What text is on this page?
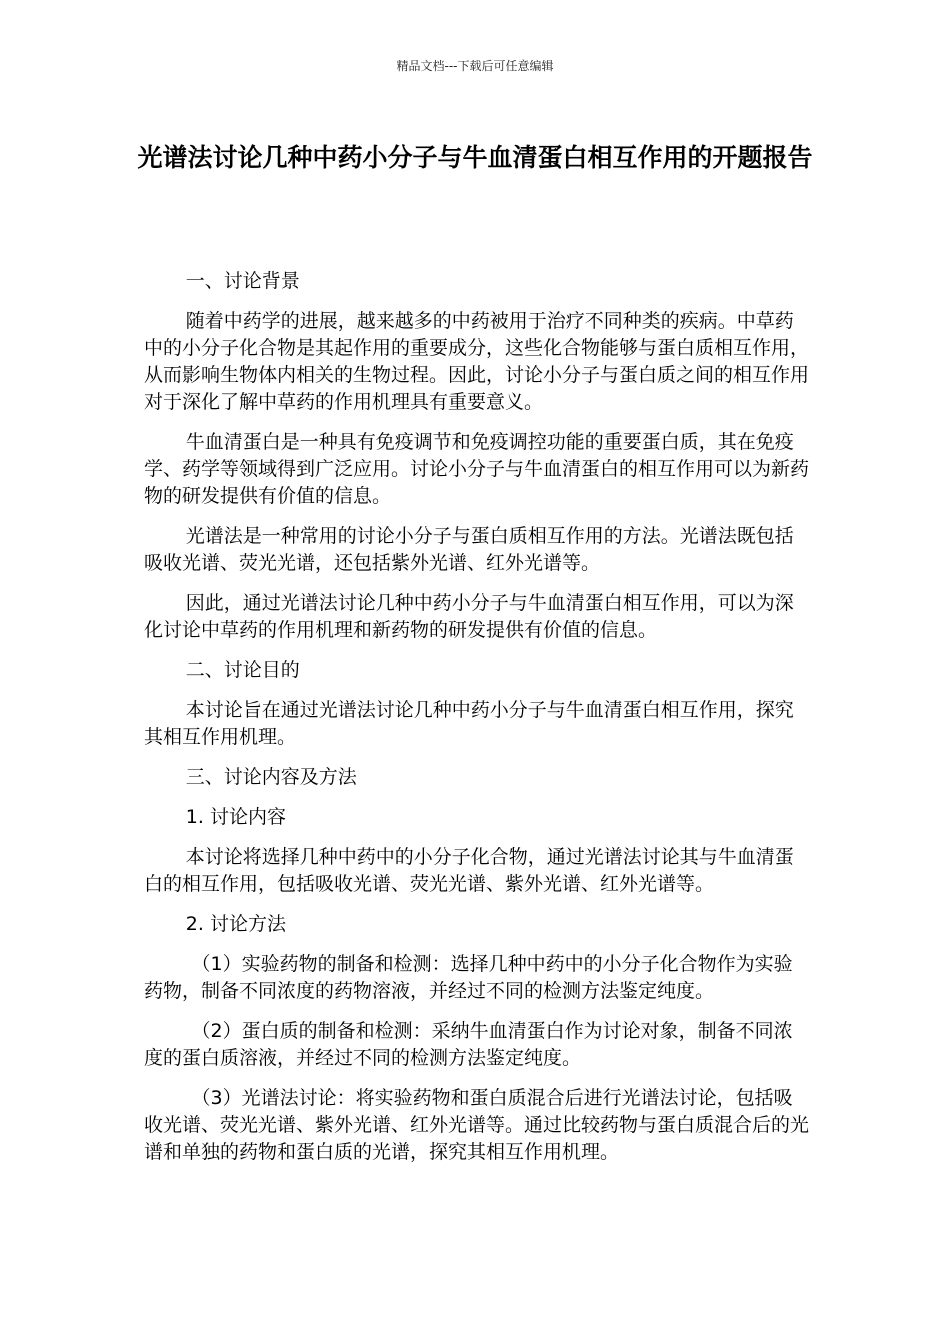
精品文档---下载后可任意编辑
光谱法讨论几种中药小分子与牛血清蛋白相互作用的开题报告

一、讨论背景

随着中药学的进展，越来越多的中药被用于治疗不同种类的疾病。中草药中的小分子化合物是其起作用的重要成分，这些化合物能够与蛋白质相互作用，从而影响生物体内相关的生物过程。因此，讨论小分子与蛋白质之间的相互作用对于深化了解中草药的作用机理具有重要意义。

牛血清蛋白是一种具有免疫调节和免疫调控功能的重要蛋白质，其在免疫学、药学等领域得到广泛应用。讨论小分子与牛血清蛋白的相互作用可以为新药物的研发提供有价值的信息。

光谱法是一种常用的讨论小分子与蛋白质相互作用的方法。光谱法既包括吸收光谱、荧光光谱，还包括紫外光谱、红外光谱等。

因此，通过光谱法讨论几种中药小分子与牛血清蛋白相互作用，可以为深化讨论中草药的作用机理和新药物的研发提供有价值的信息。

二、讨论目的

本讨论旨在通过光谱法讨论几种中药小分子与牛血清蛋白相互作用，探究其相互作用机理。

三、讨论内容及方法

1. 讨论内容

本讨论将选择几种中药中的小分子化合物，通过光谱法讨论其与牛血清蛋白的相互作用，包括吸收光谱、荧光光谱、紫外光谱、红外光谱等。

2. 讨论方法

（1）实验药物的制备和检测：选择几种中药中的小分子化合物作为实验药物，制备不同浓度的药物溶液，并经过不同的检测方法鉴定纯度。

（2）蛋白质的制备和检测：采纳牛血清蛋白作为讨论对象，制备不同浓度的蛋白质溶液，并经过不同的检测方法鉴定纯度。

（3）光谱法讨论：将实验药物和蛋白质混合后进行光谱法讨论，包括吸收光谱、荧光光谱、紫外光谱、红外光谱等。通过比较药物与蛋白质混合后的光谱和单独的药物和蛋白质的光谱，探究其相互作用机理。
